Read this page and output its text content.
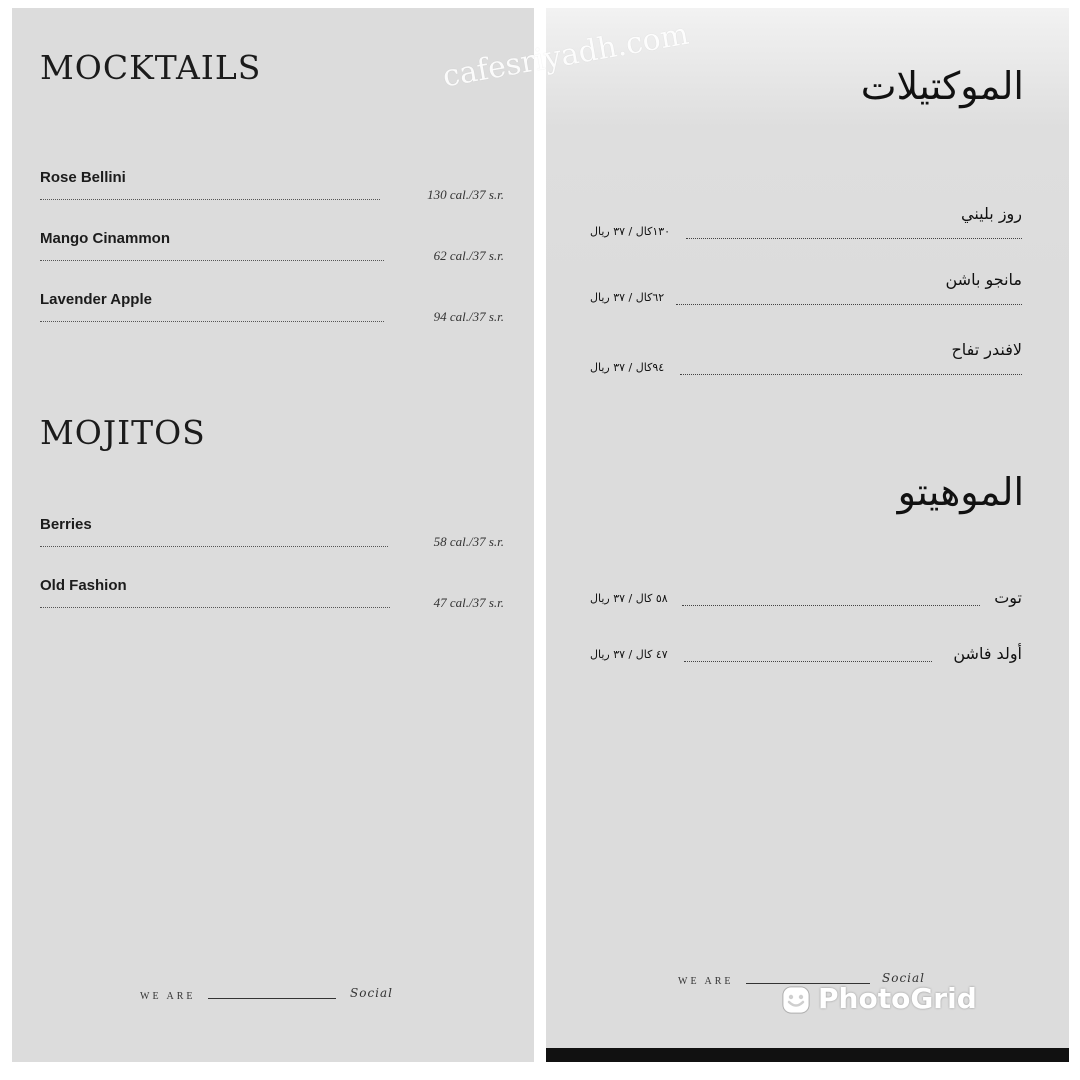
MOCKTAILS
Rose Bellini
130 cal./37 s.r.
Mango Cinammon
62 cal./37 s.r.
Lavender Apple
94 cal./37 s.r.
MOJITOS
Berries
58 cal./37 s.r.
Old Fashion
47 cal./37 s.r.
WE ARE	Social
الموكتيلات
روز بليني
١٣٠كال / ٣٧ ريال
مانجو باشن
٦٢كال / ٣٧ ريال
لافندر تفاح
٩٤كال / ٣٧ ريال
الموهيتو
توت
٥٨ كال / ٣٧ ريال
أولد فاشن
٤٧ كال / ٣٧ ريال
WE ARE	Social
cafesriyadh.com
PhotoGrid
